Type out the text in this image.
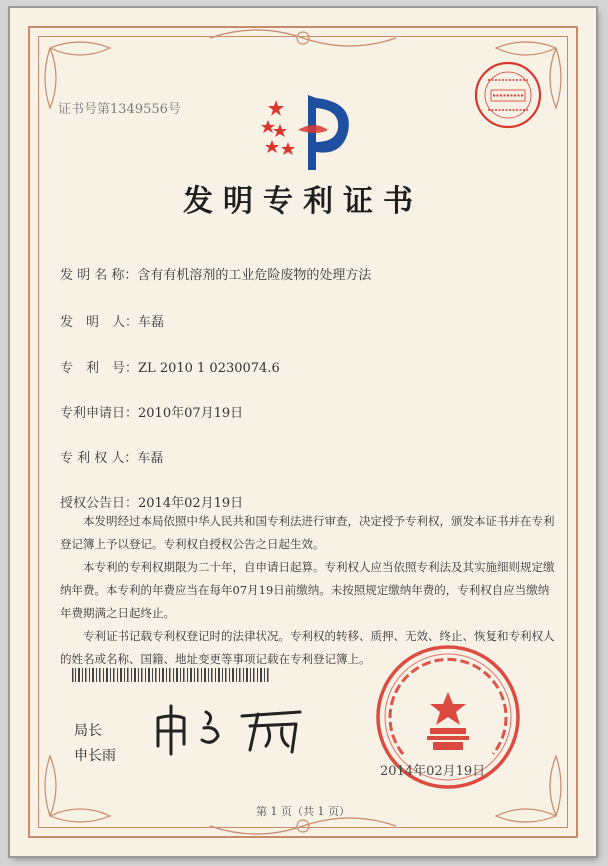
证书号第1349556号
发明专利证书
发 明 名 称：含有有机溶剂的工业危险废物的处理方法
发　明　人：车磊
专　利　号：ZL 2010 1 0230074.6
专利申请日：2010年07月19日
专 利 权 人：车磊
授权公告日：2014年02月19日

本发明经过本局依照中华人民共和国专利法进行审查，决定授予专利权，颁发本证书并在专利登记簿上予以登记。专利权自授权公告之日起生效。

本专利的专利权期限为二十年，自申请日起算。专利权人应当依照专利法及其实施细则规定缴纳年费。本专利的年费应当在每年07月19日前缴纳。未按照规定缴纳年费的，专利权自应当缴纳年费期满之日起终止。

专利证书记载专利权登记时的法律状况。专利权的转移、质押、无效、终止、恢复和专利权人的姓名或名称、国籍、地址变更等事项记载在专利登记簿上。

局长
申长雨
2014年02月19日
第 1 页（共 1 页）
